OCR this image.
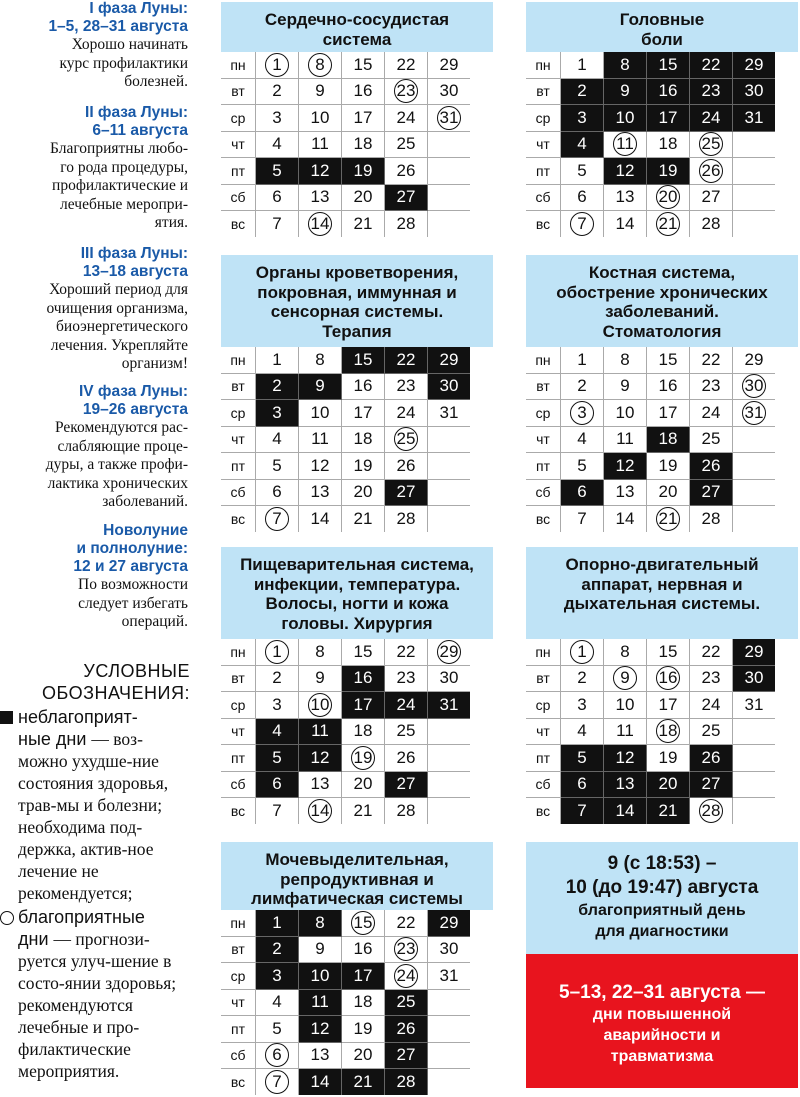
I фаза Луны:
1–5, 28–31 августа
Хорошо начинать
курс профилактики
болезней.
II фаза Луны:
6–11 августа
Благоприятны любо-
го рода процедуры,
профилактические и
лечебные меропри-
ятия.
III фаза Луны:
13–18 августа
Хороший период для
очищения организма,
биоэнергетического
лечения. Укрепляйте
организм!
IV фаза Луны:
19–26 августа
Рекомендуются рас-
слабляющие проце-
дуры, а также профи-
лактика хронических
заболеваний.
Новолуние
и полнолуние:
12 и 27 августа
По возможности
следует избегать
операций.
УСЛОВНЫЕ
ОБОЗНАЧЕНИЯ:
неблагоприят-
ные дни — воз-можно ухудше-ние состояния здоровья, трав-мы и болезни; необходима под-держка, актив-ное лечение не рекомендуется;
благоприятные
дни — прогнози-руется улуч-шение в состо-янии здоровья; рекомендуются лечебные и про-филактические мероприятия.
Сердечно-сосудистая
система
пн	1	8	15	22	29
вт	2	9	16	23	30
ср	3	10	17	24	31
чт	4	11	18	25	
пт	5	12	19	26	
сб	6	13	20	27	
вс	7	14	21	28	
Головные
боли
пн	1	8	15	22	29
вт	2	9	16	23	30
ср	3	10	17	24	31
чт	4	11	18	25	
пт	5	12	19	26	
сб	6	13	20	27	
вс	7	14	21	28	
Органы кроветворения,
покровная, иммунная и
сенсорная системы.
Терапия
пн	1	8	15	22	29
вт	2	9	16	23	30
ср	3	10	17	24	31
чт	4	11	18	25	
пт	5	12	19	26	
сб	6	13	20	27	
вс	7	14	21	28	
Костная система,
обострение хронических
заболеваний.
Стоматология
пн	1	8	15	22	29
вт	2	9	16	23	30
ср	3	10	17	24	31
чт	4	11	18	25	
пт	5	12	19	26	
сб	6	13	20	27	
вс	7	14	21	28	
Пищеварительная система,
инфекции, температура.
Волосы, ногти и кожа
головы. Хирургия
пн	1	8	15	22	29
вт	2	9	16	23	30
ср	3	10	17	24	31
чт	4	11	18	25	
пт	5	12	19	26	
сб	6	13	20	27	
вс	7	14	21	28	
Опорно-двигательный
аппарат, нервная и
дыхательная системы.
пн	1	8	15	22	29
вт	2	9	16	23	30
ср	3	10	17	24	31
чт	4	11	18	25	
пт	5	12	19	26	
сб	6	13	20	27	
вс	7	14	21	28	
Мочевыделительная,
репродуктивная и
лимфатическая системы
пн	1	8	15	22	29
вт	2	9	16	23	30
ср	3	10	17	24	31
чт	4	11	18	25	
пт	5	12	19	26	
сб	6	13	20	27	
вс	7	14	21	28	
9 (с 18:53) –
10 (до 19:47) августа
благоприятный день
для диагностики
5–13, 22–31 августа —
дни повышенной
аварийности и
травматизма
